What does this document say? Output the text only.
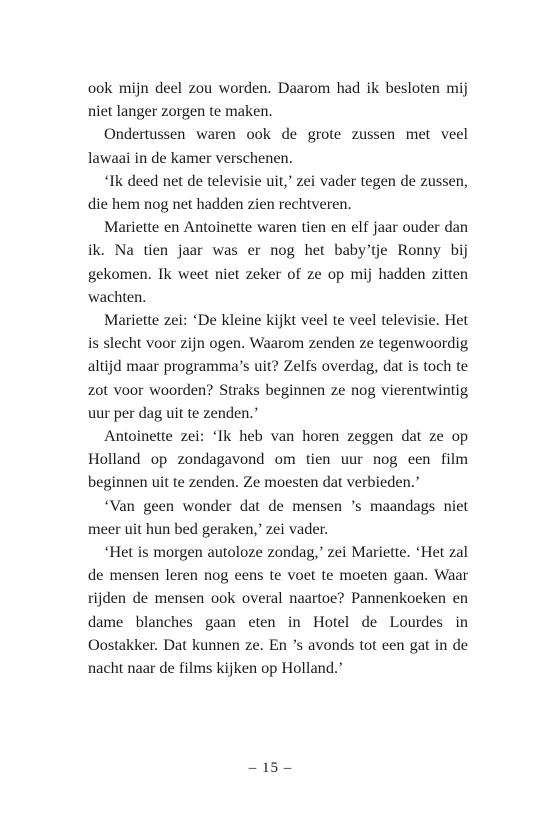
ook mijn deel zou worden. Daarom had ik besloten mij niet langer zorgen te maken.

Ondertussen waren ook de grote zussen met veel lawaai in de kamer verschenen.

‘Ik deed net de televisie uit,’ zei vader tegen de zussen, die hem nog net hadden zien rechtveren.

Mariette en Antoinette waren tien en elf jaar ouder dan ik. Na tien jaar was er nog het baby’tje Ronny bij gekomen. Ik weet niet zeker of ze op mij hadden zitten wachten.

Mariette zei: ‘De kleine kijkt veel te veel televisie. Het is slecht voor zijn ogen. Waarom zenden ze tegenwoordig altijd maar programma’s uit? Zelfs overdag, dat is toch te zot voor woorden? Straks beginnen ze nog vierentwintig uur per dag uit te zenden.’

Antoinette zei: ‘Ik heb van horen zeggen dat ze op Holland op zondagavond om tien uur nog een film beginnen uit te zenden. Ze moesten dat verbieden.’

‘Van geen wonder dat de mensen ’s maandags niet meer uit hun bed geraken,’ zei vader.

‘Het is morgen autoloze zondag,’ zei Mariette. ‘Het zal de mensen leren nog eens te voet te moeten gaan. Waar rijden de mensen ook overal naartoe? Pannenkoeken en dame blanches gaan eten in Hotel de Lourdes in Oostakker. Dat kunnen ze. En ’s avonds tot een gat in de nacht naar de films kijken op Holland.’

– 15 –
